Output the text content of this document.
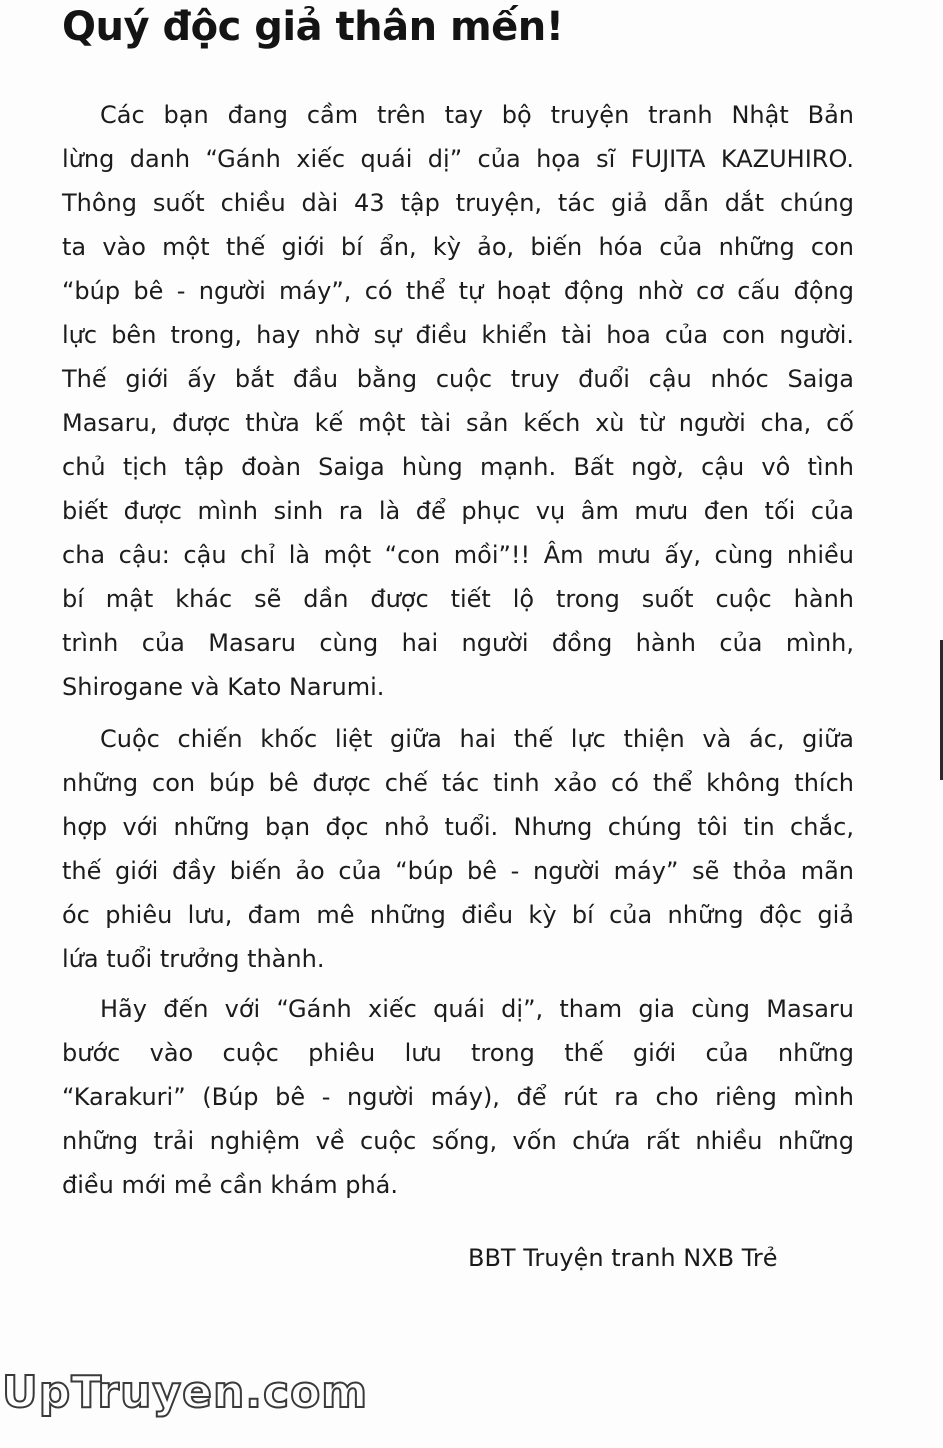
Quý độc giả thân mến!
Các bạn đang cầm trên tay bộ truyện tranh Nhật Bản
lừng danh “Gánh xiếc quái dị” của họa sĩ FUJITA KAZUHIRO.
Thông suốt chiều dài 43 tập truyện, tác giả dẫn dắt chúng
ta vào một thế giới bí ẩn, kỳ ảo, biến hóa của những con
“búp bê - người máy”, có thể tự hoạt động nhờ cơ cấu động
lực bên trong, hay nhờ sự điều khiển tài hoa của con người.
Thế giới ấy bắt đầu bằng cuộc truy đuổi cậu nhóc Saiga
Masaru, được thừa kế một tài sản kếch xù từ người cha, cố
chủ tịch tập đoàn Saiga hùng mạnh. Bất ngờ, cậu vô tình
biết được mình sinh ra là để phục vụ âm mưu đen tối của
cha cậu: cậu chỉ là một “con mồi”!! Âm mưu ấy, cùng nhiều
bí mật khác sẽ dần được tiết lộ trong suốt cuộc hành
trình của Masaru cùng hai người đồng hành của mình,
Shirogane và Kato Narumi.
Cuộc chiến khốc liệt giữa hai thế lực thiện và ác, giữa
những con búp bê được chế tác tinh xảo có thể không thích
hợp với những bạn đọc nhỏ tuổi. Nhưng chúng tôi tin chắc,
thế giới đầy biến ảo của “búp bê - người máy” sẽ thỏa mãn
óc phiêu lưu, đam mê những điều kỳ bí của những độc giả
lứa tuổi trưởng thành.
Hãy đến với “Gánh xiếc quái dị”, tham gia cùng Masaru
bước vào cuộc phiêu lưu trong thế giới của những
“Karakuri” (Búp bê - người máy), để rút ra cho riêng mình
những trải nghiệm về cuộc sống, vốn chứa rất nhiều những
điều mới mẻ cần khám phá.
BBT Truyện tranh NXB Trẻ
UpTruyen.com
